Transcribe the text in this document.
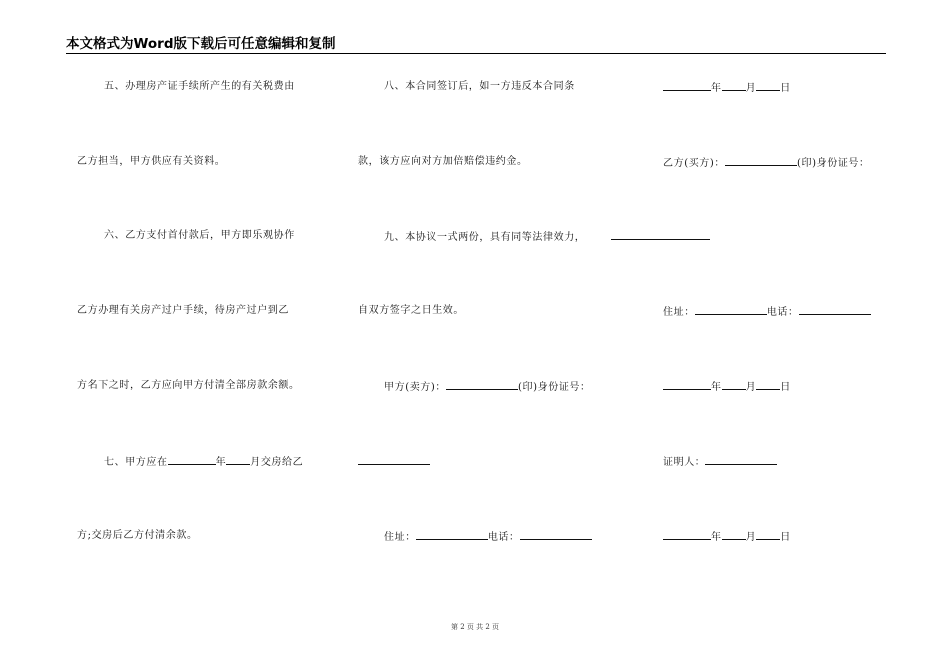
本文格式为Word版下载后可任意编辑和复制
五、办理房产证手续所产生的有关税费由
乙方担当，甲方供应有关资料。
六、乙方支付首付款后，甲方即乐观协作
乙方办理有关房产过户手续，待房产过户到乙
方名下之时，乙方应向甲方付清全部房款余额。
七、甲方应在	年 月交房给乙
方;交房后乙方付清余款。
八、本合同签订后，如一方违反本合同条
款，该方应向对方加倍赔偿违约金。
九、本协议一式两份，具有同等法律效力，
自双方签字之日生效。
甲方(卖方)：	(印)身份证号：
住址：	电话：
年 月 日
乙方(买方)：	(印)身份证号：
住址：	电话：
年 月 日
证明人：
年 月 日
第 2 页 共 2 页
